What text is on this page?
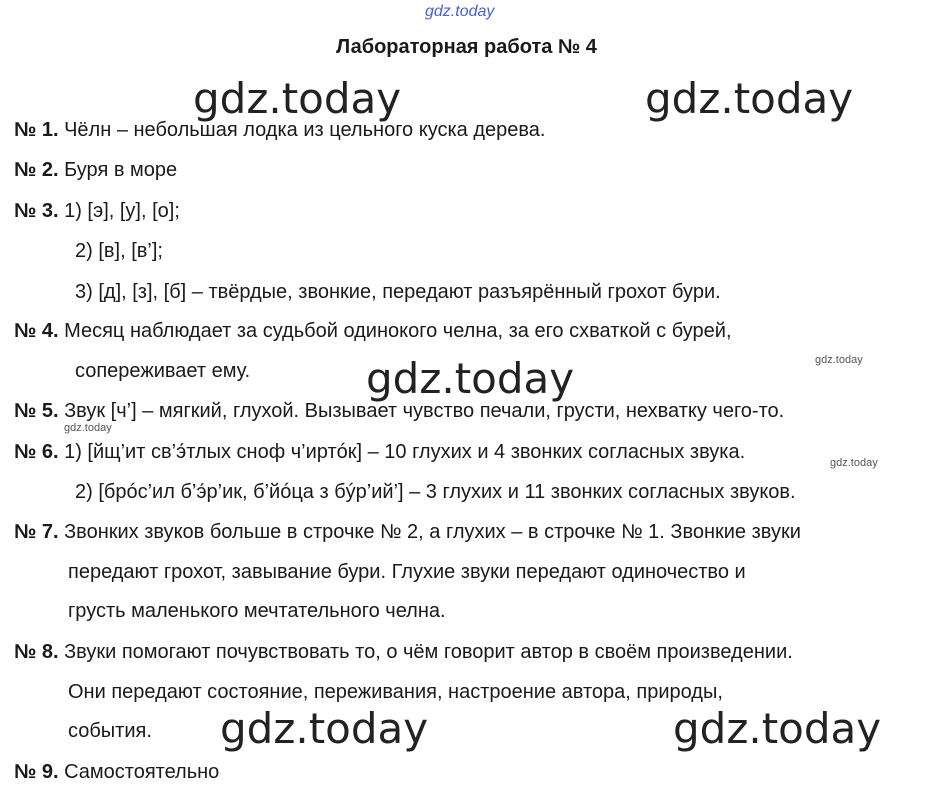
gdz.today
Лабораторная работа № 4
gdz.today	gdz.today
gdz.today
gdz.today	gdz.today
gdz.today
gdz.today
gdz.today
№ 1. Чёлн – небольшая лодка из цельного куска дерева.
№ 2. Буря в море
№ 3. 1) [э], [у], [о];
2) [в], [в’];
3) [д], [з], [б] – твёрдые, звонкие, передают разъярённый грохот бури.
№ 4. Месяц наблюдает за судьбой одинокого челна, за его схваткой с бурей,
сопереживает ему.
№ 5. Звук [ч’] – мягкий, глухой. Вызывает чувство печали, грусти, нехватку чего-то.
№ 6. 1) [йщ’ит св’э́тлых сноф ч’иртóк] – 10 глухих и 4 звонких согласных звука.
2) [брóс’ил б’э́р’ик, б’йóца з бýр’ий’] – 3 глухих и 11 звонких согласных звуков.
№ 7. Звонких звуков больше в строчке № 2, а глухих – в строчке № 1. Звонкие звуки
передают грохот, завывание бури. Глухие звуки передают одиночество и
грусть маленького мечтательного челна.
№ 8. Звуки помогают почувствовать то, о чём говорит автор в своём произведении.
Они передают состояние, переживания, настроение автора, природы,
события.
№ 9. Самостоятельно
